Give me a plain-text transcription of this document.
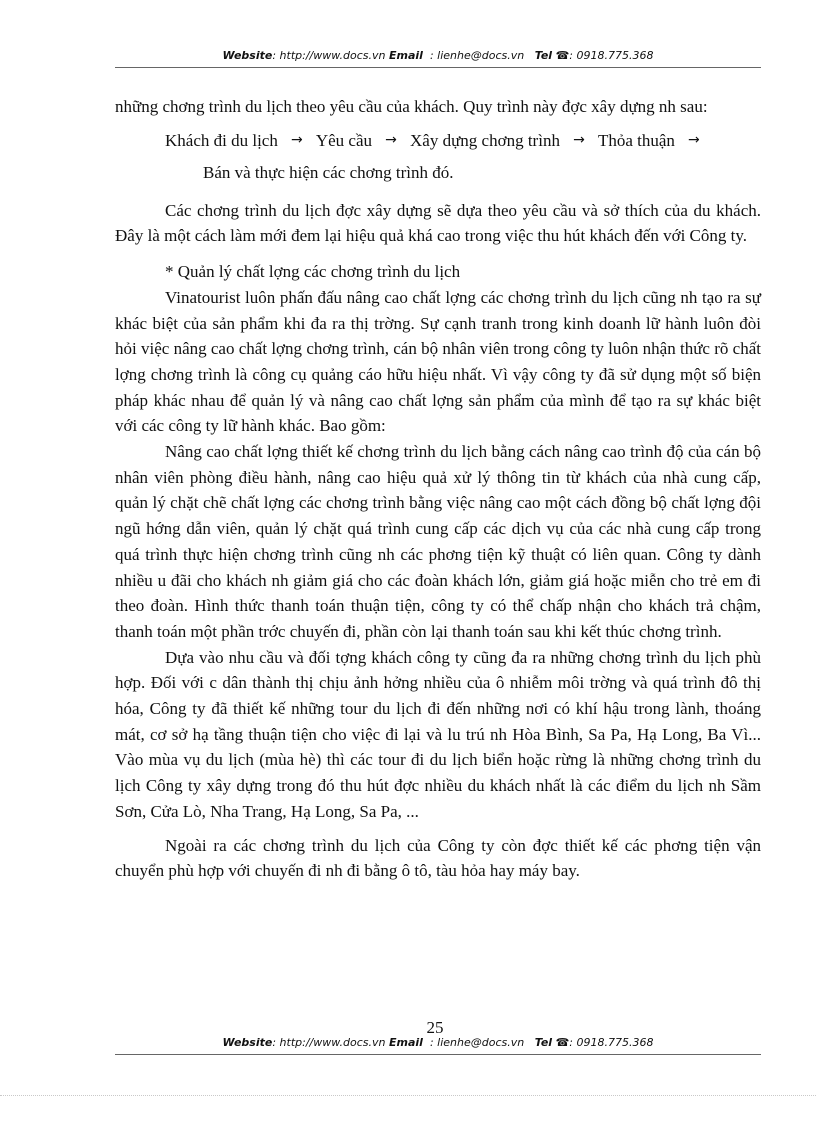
Website: http://www.docs.vn Email : lienhe@docs.vn Tel ☎: 0918.775.368

những chơng trình du lịch theo yêu cầu của khách. Quy trình này đợc xây dựng nh sau:

Khách đi du lịch → Yêu cầu → Xây dựng chơng trình → Thỏa thuận →
Bán và thực hiện các chơng trình đó.

Các chơng trình du lịch đợc xây dựng sẽ dựa theo yêu cầu và sở thích của du khách. Đây là một cách làm mới đem lại hiệu quả khá cao trong việc thu hút khách đến với Công ty.

* Quản lý chất lợng các chơng trình du lịch

Vinatourist luôn phấn đấu nâng cao chất lợng các chơng trình du lịch cũng nh tạo ra sự khác biệt của sản phẩm khi đa ra thị trờng. Sự cạnh tranh trong kinh doanh lữ hành luôn đòi hỏi việc nâng cao chất lợng chơng trình, cán bộ nhân viên trong công ty luôn nhận thức rõ chất lợng chơng trình là công cụ quảng cáo hữu hiệu nhất. Vì vậy công ty đã sử dụng một số biện pháp khác nhau để quản lý và nâng cao chất lợng sản phẩm của mình để tạo ra sự khác biệt với các công ty lữ hành khác. Bao gồm:

Nâng cao chất lợng thiết kế chơng trình du lịch bằng cách nâng cao trình độ của cán bộ nhân viên phòng điều hành, nâng cao hiệu quả xử lý thông tin từ khách của nhà cung cấp, quản lý chặt chẽ chất lợng các chơng trình bằng việc nâng cao một cách đồng bộ chất lợng đội ngũ hớng dẫn viên, quản lý chặt quá trình cung cấp các dịch vụ của các nhà cung cấp trong quá trình thực hiện chơng trình cũng nh các phơng tiện kỹ thuật có liên quan. Công ty dành nhiều u đãi cho khách nh giảm giá cho các đoàn khách lớn, giảm giá hoặc miễn cho trẻ em đi theo đoàn. Hình thức thanh toán thuận tiện, công ty có thể chấp nhận cho khách trả chậm, thanh toán một phần trớc chuyến đi, phần còn lại thanh toán sau khi kết thúc chơng trình.

Dựa vào nhu cầu và đối tợng khách công ty cũng đa ra những chơng trình du lịch phù hợp. Đối với c dân thành thị chịu ảnh hởng nhiều của ô nhiễm môi trờng và quá trình đô thị hóa, Công ty đã thiết kế những tour du lịch đi đến những nơi có khí hậu trong lành, thoáng mát, cơ sở hạ tầng thuận tiện cho việc đi lại và lu trú nh Hòa Bình, Sa Pa, Hạ Long, Ba Vì... Vào mùa vụ du lịch (mùa hè) thì các tour đi du lịch biển hoặc rừng là những chơng trình du lịch Công ty xây dựng trong đó thu hút đợc nhiều du khách nhất là các điểm du lịch nh Sầm Sơn, Cửa Lò, Nha Trang, Hạ Long, Sa Pa, ...

Ngoài ra các chơng trình du lịch của Công ty còn đợc thiết kế các phơng tiện vận chuyển phù hợp với chuyến đi nh đi bằng ô tô, tàu hỏa hay máy bay.

25
Website: http://www.docs.vn Email : lienhe@docs.vn Tel ☎: 0918.775.368
